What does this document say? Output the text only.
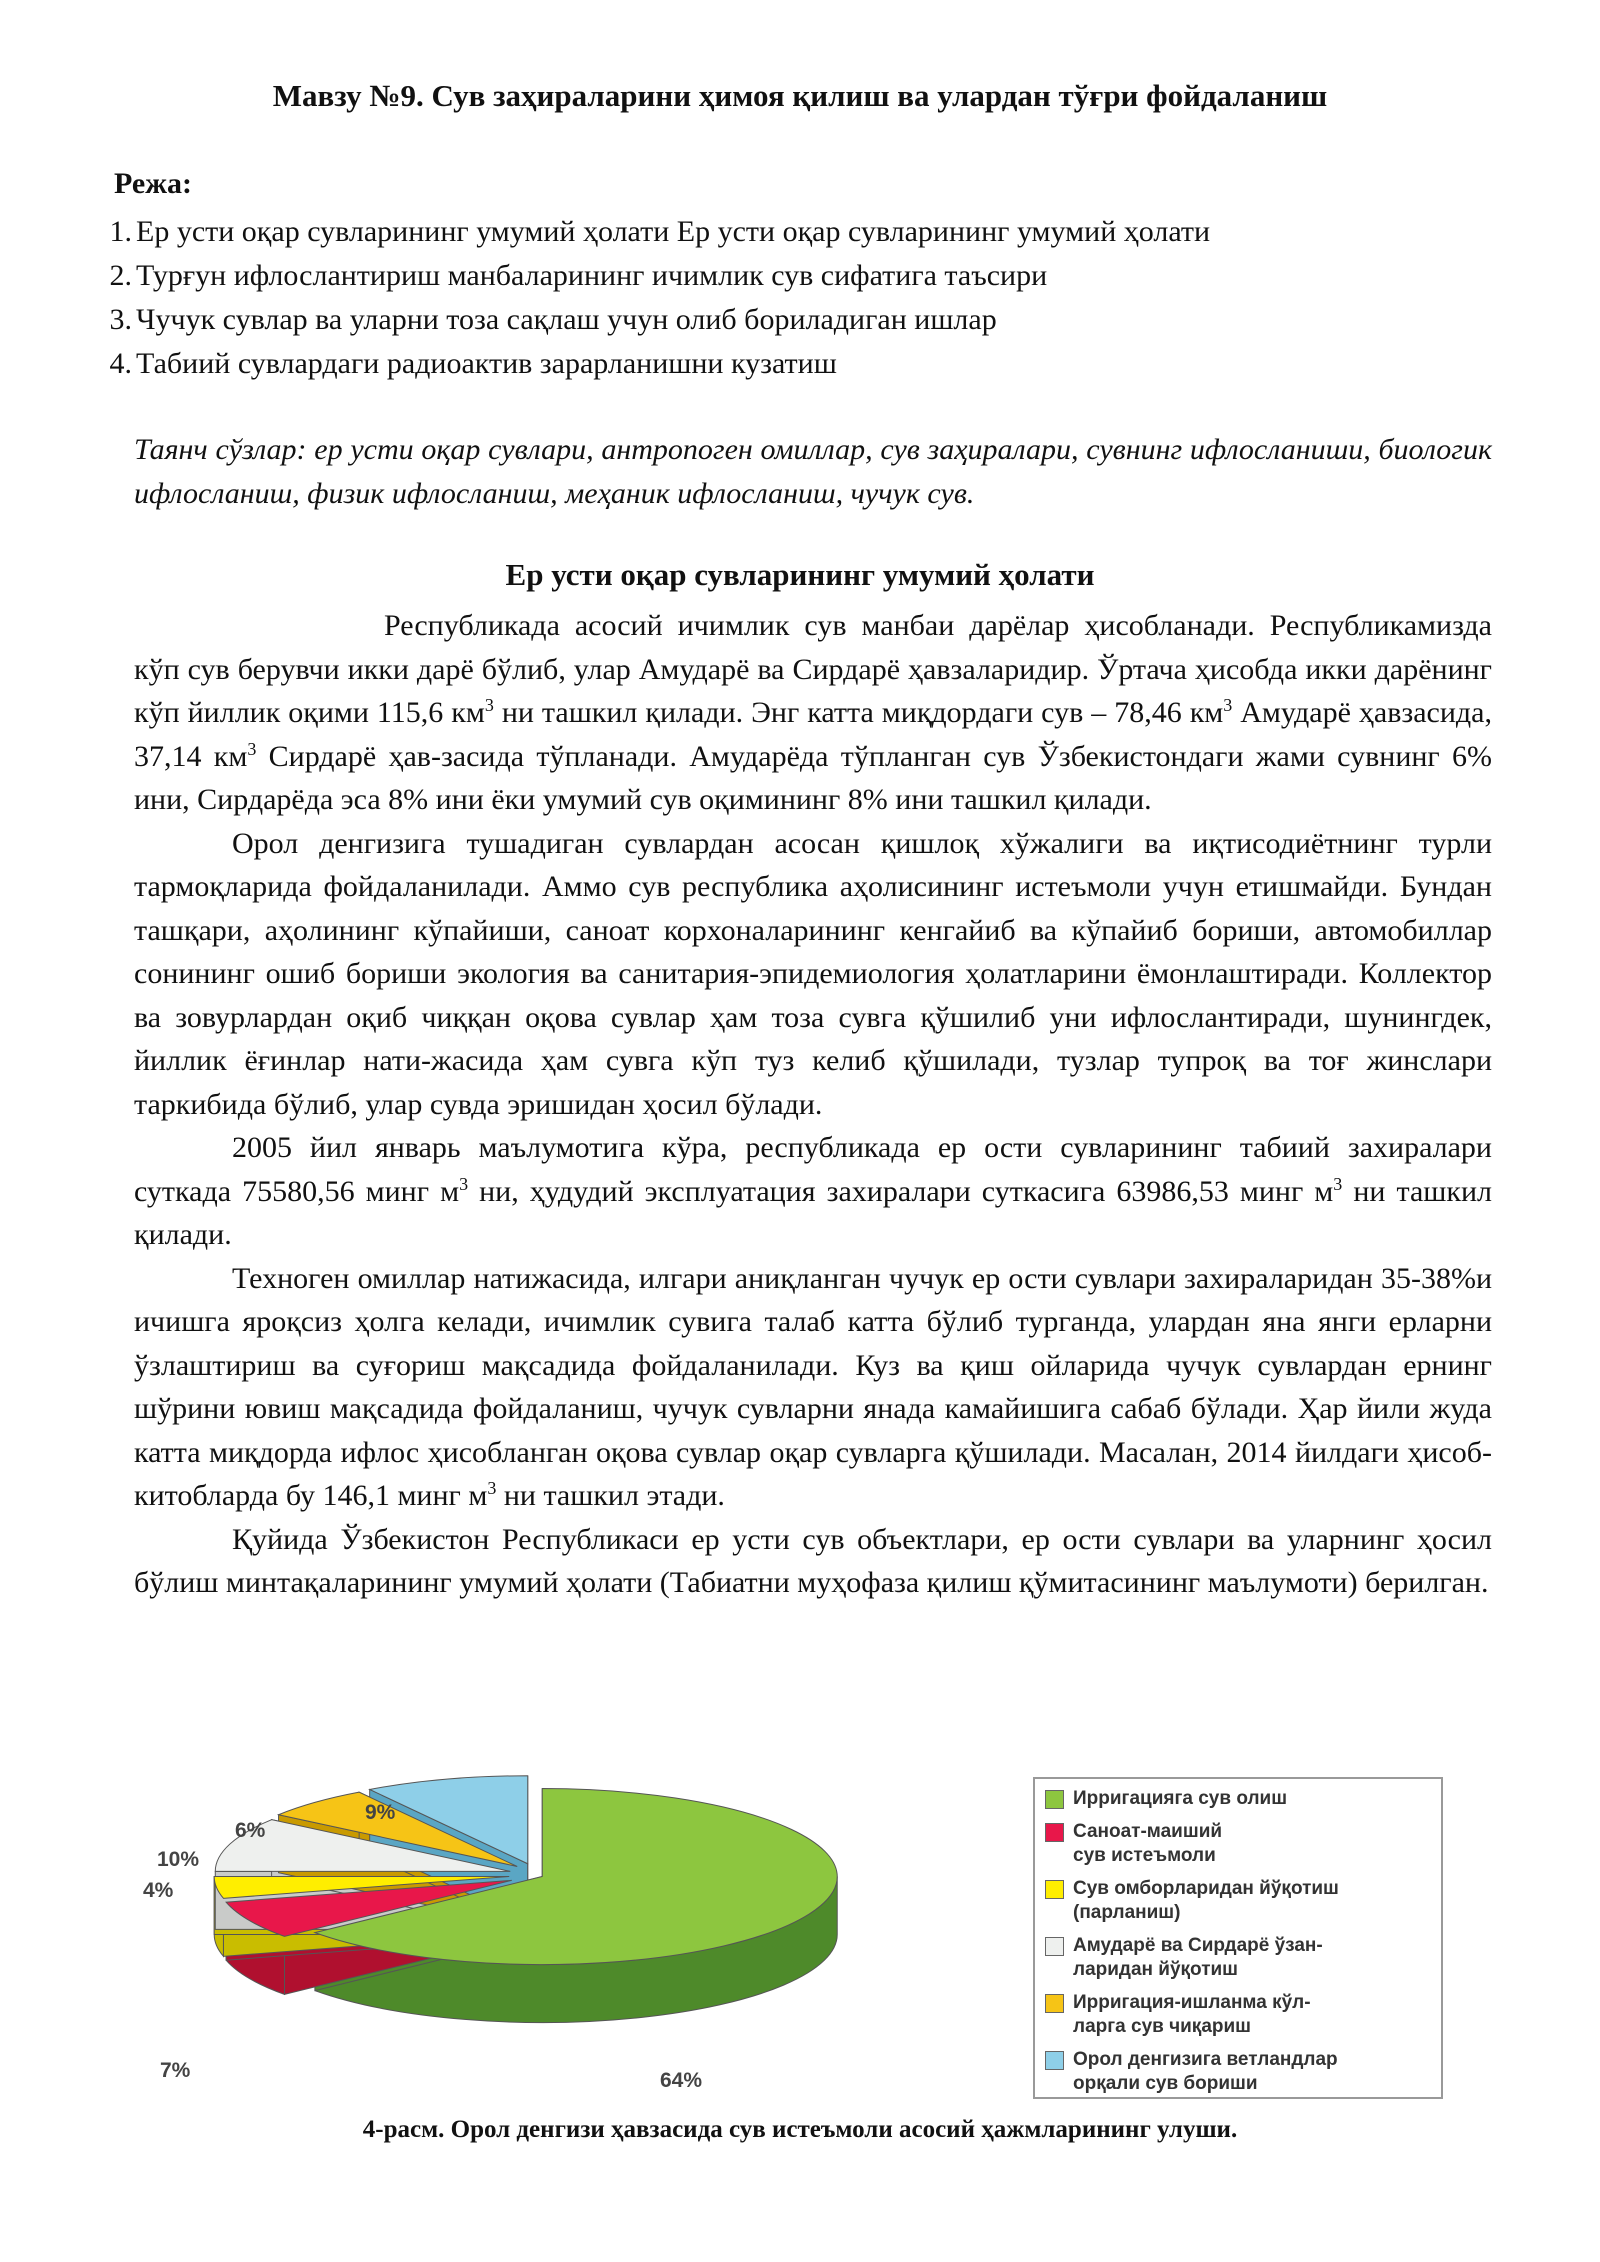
Мавзу №9. Сув заҳираларини ҳимоя қилиш ва улардан тўғри фойдаланиш
Режа:
1. Ер усти оқар сувларининг умумий ҳолати Ер усти оқар сувларининг умумий ҳолати
2. Турғун ифлослантириш манбаларининг ичимлик сув сифатига таъсири
3. Чучук сувлар ва уларни тоза сақлаш учун олиб бориладиган ишлар
4. Табиий сувлардаги радиоактив зарарланишни кузатиш

Таянч сўзлар: ер усти оқар сувлари, антропоген омиллар, сув заҳиралари, сувнинг ифлосланиши, биологик ифлосланиш, физик ифлосланиш, меҳаник ифлосланиш, чучук сув.

Ер усти оқар сувларининг умумий ҳолати

Республикада асосий ичимлик сув манбаи дарёлар ҳисобланади. Республикамизда кўп сув берувчи икки дарё бўлиб, улар Амударё ва Сирдарё ҳавзаларидир. Ўртача ҳисобда икки дарёнинг кўп йиллик оқими 115,6 $км^3$ ни ташкил қилади. Энг катта миқдордаги сув – 78,46 $км^3$ Амударё ҳавзасида, 37,14 $км^3$ Сирдарё ҳав-засида тўпланади. Амударёда тўпланган сув Ўзбекистондаги жами сувнинг 6% ини, Сирдарёда эса 8% ини ёки умумий сув оқимининг 8% ини ташкил қилади.

Орол денгизига тушадиган сувлардан асосан қишлоқ хўжалиги ва иқтисодиётнинг турли тармоқларида фойдаланилади. Аммо сув республика аҳолисининг истеъмоли учун етишмайди. Бундан ташқари, аҳолининг кўпайиши, саноат корхоналарининг кенгайиб ва кўпайиб бориши, автомобиллар сонининг ошиб бориши экология ва санитария-эпидемиология ҳолатларини ёмонлаштиради. Коллектор ва зовурлардан оқиб чиққан оқова сувлар ҳам тоза сувга қўшилиб уни ифлослантиради, шунингдек, йиллик ёғинлар нати-жасида ҳам сувга кўп туз келиб қўшилади, тузлар тупроқ ва тоғ жинслари таркибида бўлиб, улар сувда эришидан ҳосил бўлади.

2005 йил январь маълумотига кўра, республикада ер ости сувларининг табиий захиралари суткада 75580,56 минг $м^3$ ни, ҳудудий эксплуатация захиралари суткасига 63986,53 минг $м^3$ ни ташкил қилади.

Техноген омиллар натижасида, илгари аниқланган чучук ер ости сувлари захираларидан 35-38%и ичишга яроқсиз ҳолга келади, ичимлик сувига талаб катта бўлиб турганда, улардан яна янги ерларни ўзлаштириш ва суғориш мақсадида фойдаланилади. Куз ва қиш ойларида чучук сувлардан ернинг шўрини ювиш мақсадида фойдаланиш, чучук сувларни янада камайишига сабаб бўлади. Ҳар йили жуда катта миқдорда ифлос ҳисобланган оқова сувлар оқар сувларга қўшилади. Масалан, 2014 йилдаги ҳисоб-китобларда бу 146,1 минг $м^3$ ни ташкил этади.

Қуйида Ўзбекистон Республикаси ер усти сув объектлари, ер ости сувлари ва уларнинг ҳосил бўлиш минтақаларининг умумий ҳолати (Табиатни муҳофаза қилиш қўмитасининг маълумоти) берилган.

64%
7%
4%
10%
6%
9%
Ирригацияга сув олиш
Саноат-маиший
сув истеъмоли
Сув омборларидан йўқотиш
(парланиш)
Амударё ва Сирдарё ўзан-
ларидан йўқотиш
Ирригация-ишланма кўл-
ларга сув чиқариш
Орол денгизига ветландлар
орқали сув бориши
4-расм. Орол денгизи ҳавзасида сув истеъмоли асосий ҳажмларининг улуши.
